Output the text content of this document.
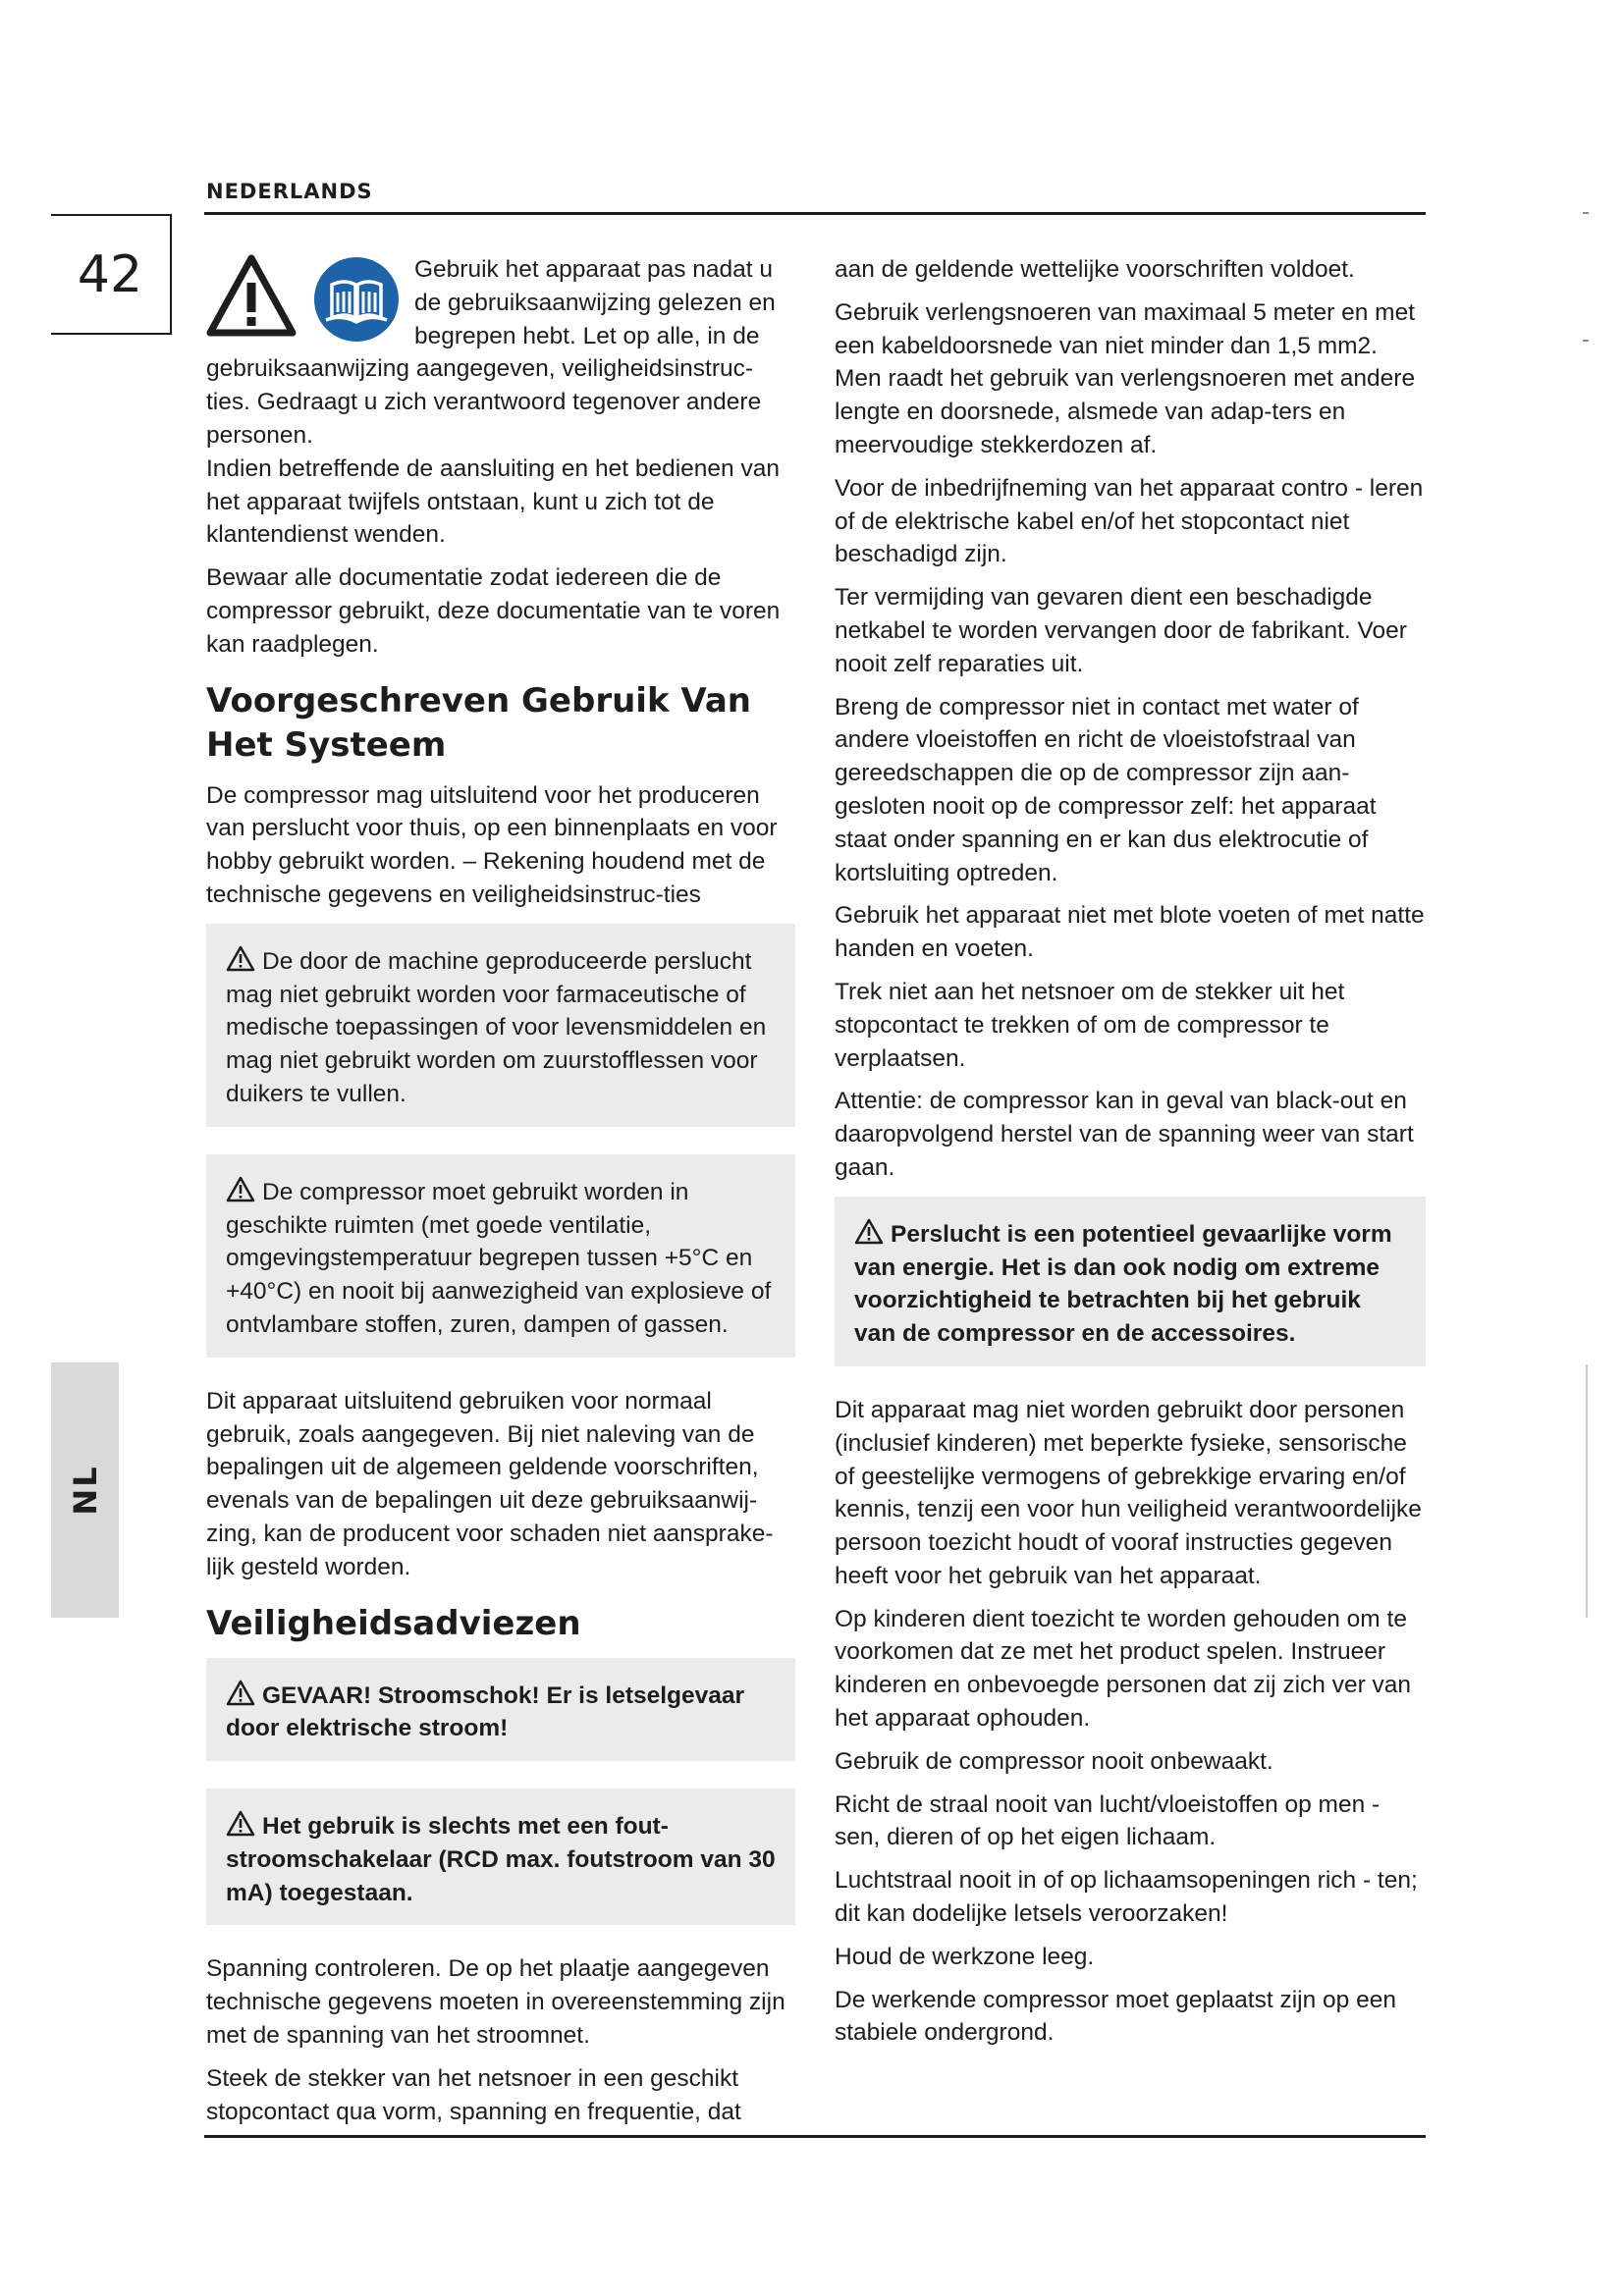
NEDERLANDS
42
NL

Gebruik het apparaat pas nadat u de gebruiksaanwijzing gelezen en begrepen hebt. Let op alle, in de gebruiksaanwijzing aangegeven, veiligheidsinstruc-ties. Gedraagt u zich verantwoord tegenover andere personen.

Indien betreffende de aansluiting en het bedienen van het apparaat twijfels ontstaan, kunt u zich tot de klantendienst wenden.

Bewaar alle documentatie zodat iedereen die de compressor gebruikt, deze documentatie van te voren kan raadplegen.

Voorgeschreven Gebruik Van Het Systeem

De compressor mag uitsluitend voor het produceren van perslucht voor thuis, op een binnenplaats en voor hobby gebruikt worden. – Rekening houdend met de technische gegevens en veiligheidsinstruc-ties

De door de machine geproduceerde perslucht mag niet gebruikt worden voor farmaceutische of medische toepassingen of voor levensmiddelen en mag niet gebruikt worden om zuurstofflessen voor duikers te vullen.
De compressor moet gebruikt worden in geschikte ruimten (met goede ventilatie, omgevingstemperatuur begrepen tussen +5°C en +40°C) en nooit bij aanwezigheid van explosieve of ontvlambare stoffen, zuren, dampen of gassen.

Dit apparaat uitsluitend gebruiken voor normaal gebruik, zoals aangegeven. Bij niet naleving van de bepalingen uit de algemeen geldende voorschriften, evenals van de bepalingen uit deze gebruiksaanwij-zing, kan de producent voor schaden niet aansprake-lijk gesteld worden.

Veiligheidsadviezen
GEVAAR! Stroomschok! Er is letselgevaar door elektrische stroom!
Het gebruik is slechts met een fout-stroomschakelaar (RCD max. foutstroom van 30 mA) toegestaan.

Spanning controleren. De op het plaatje aangegeven technische gegevens moeten in overeenstemming zijn met de spanning van het stroomnet.

Steek de stekker van het netsnoer in een geschikt stopcontact qua vorm, spanning en frequentie, dat

aan de geldende wettelijke voorschriften voldoet.

Gebruik verlengsnoeren van maximaal 5 meter en met een kabeldoorsnede van niet minder dan 1,5 mm2. Men raadt het gebruik van verlengsnoeren met andere lengte en doorsnede, alsmede van adap-ters en meervoudige stekkerdozen af.

Voor de inbedrijfneming van het apparaat contro - leren of de elektrische kabel en/of het stopcontact niet beschadigd zijn.

Ter vermijding van gevaren dient een beschadigde netkabel te worden vervangen door de fabrikant. Voer nooit zelf reparaties uit.

Breng de compressor niet in contact met water of andere vloeistoffen en richt de vloeistofstraal van gereedschappen die op de compressor zijn aan-gesloten nooit op de compressor zelf: het apparaat staat onder spanning en er kan dus elektrocutie of kortsluiting optreden.

Gebruik het apparaat niet met blote voeten of met natte handen en voeten.

Trek niet aan het netsnoer om de stekker uit het stopcontact te trekken of om de compressor te verplaatsen.

Attentie: de compressor kan in geval van black-out en daaropvolgend herstel van de spanning weer van start gaan.

Perslucht is een potentieel gevaarlijke vorm van energie. Het is dan ook nodig om extreme voorzichtigheid te betrachten bij het gebruik van de compressor en de accessoires.

Dit apparaat mag niet worden gebruikt door personen (inclusief kinderen) met beperkte fysieke, sensorische of geestelijke vermogens of gebrekkige ervaring en/of kennis, tenzij een voor hun veiligheid verantwoordelijke persoon toezicht houdt of vooraf instructies gegeven heeft voor het gebruik van het apparaat.

Op kinderen dient toezicht te worden gehouden om te voorkomen dat ze met het product spelen. Instrueer kinderen en onbevoegde personen dat zij zich ver van het apparaat ophouden.

Gebruik de compressor nooit onbewaakt.

Richt de straal nooit van lucht/vloeistoffen op men - sen, dieren of op het eigen lichaam.

Luchtstraal nooit in of op lichaamsopeningen rich - ten; dit kan dodelijke letsels veroorzaken!

Houd de werkzone leeg.

De werkende compressor moet geplaatst zijn op een stabiele ondergrond.
